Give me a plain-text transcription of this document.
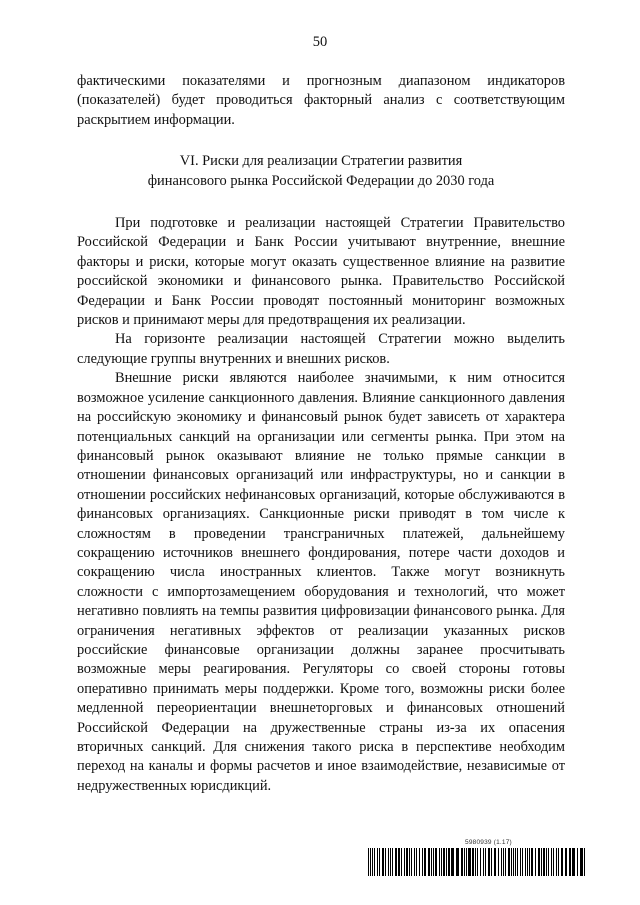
50

фактическими показателями и прогнозным диапазоном индикаторов (показателей) будет проводиться факторный анализ с соответствующим раскрытием информации.

VI. Риски для реализации Стратегии развития
финансового рынка Российской Федерации до 2030 года

При подготовке и реализации настоящей Стратегии Правительство Российской Федерации и Банк России учитывают внутренние, внешние факторы и риски, которые могут оказать существенное влияние на развитие российской экономики и финансового рынка. Правительство Российской Федерации и Банк России проводят постоянный мониторинг возможных рисков и принимают меры для предотвращения их реализации.

На горизонте реализации настоящей Стратегии можно выделить следующие группы внутренних и внешних рисков.

Внешние риски являются наиболее значимыми, к ним относится возможное усиление санкционного давления. Влияние санкционного давления на российскую экономику и финансовый рынок будет зависеть от характера потенциальных санкций на организации или сегменты рынка. При этом на финансовый рынок оказывают влияние не только прямые санкции в отношении финансовых организаций или инфраструктуры, но и санкции в отношении российских нефинансовых организаций, которые обслуживаются в финансовых организациях. Санкционные риски приводят в том числе к сложностям в проведении трансграничных платежей, дальнейшему сокращению источников внешнего фондирования, потере части доходов и сокращению числа иностранных клиентов. Также могут возникнуть сложности с импортозамещением оборудования и технологий, что может негативно повлиять на темпы развития цифровизации финансового рынка. Для ограничения негативных эффектов от реализации указанных рисков российские финансовые организации должны заранее просчитывать возможные меры реагирования. Регуляторы со своей стороны готовы оперативно принимать меры поддержки. Кроме того, возможны риски более медленной переориентации внешнеторговых и финансовых отношений Российской Федерации на дружественные страны из-за их опасения вторичных санкций. Для снижения такого риска в перспективе необходим переход на каналы и формы расчетов и иное взаимодействие, независимые от недружественных юрисдикций.

5980939 (1.17)
